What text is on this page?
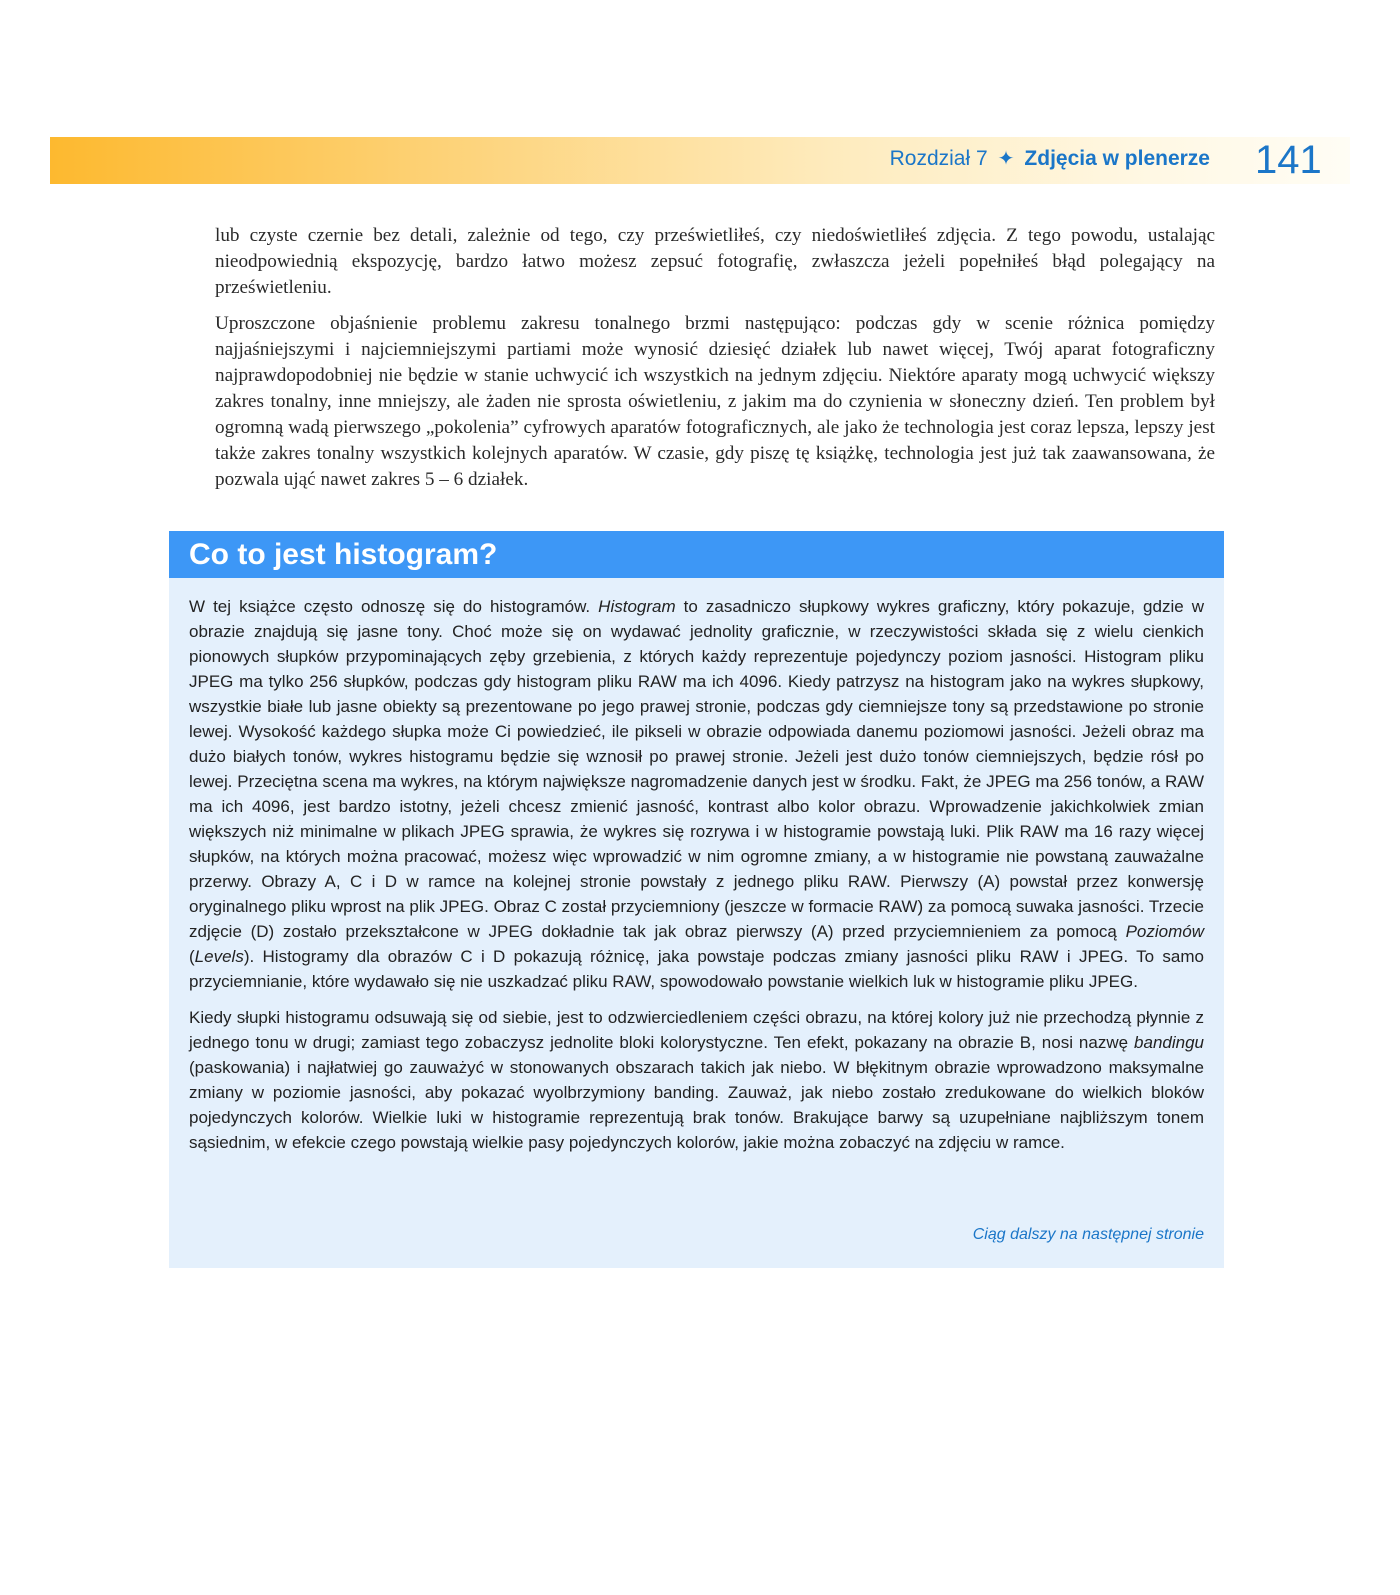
Rozdział 7 ✦ Zdjęcia w plenerze 141

lub czyste czernie bez detali, zależnie od tego, czy prześwietliłeś, czy niedoświetliłeś zdjęcia. Z tego powodu, ustalając nieodpowiednią ekspozycję, bardzo łatwo możesz zepsuć fotografię, zwłaszcza jeżeli popełniłeś błąd polegający na prześwietleniu.

Uproszczone objaśnienie problemu zakresu tonalnego brzmi następująco: podczas gdy w scenie różnica pomiędzy najjaśniejszymi i najciemniejszymi partiami może wynosić dziesięć działek lub nawet więcej, Twój aparat fotograficzny najprawdopodobniej nie będzie w stanie uchwycić ich wszystkich na jednym zdjęciu. Niektóre aparaty mogą uchwycić większy zakres tonalny, inne mniejszy, ale żaden nie sprosta oświetleniu, z jakim ma do czynienia w słoneczny dzień. Ten problem był ogromną wadą pierwszego „pokolenia” cyfrowych aparatów fotograficznych, ale jako że technologia jest coraz lepsza, lepszy jest także zakres tonalny wszystkich kolejnych aparatów. W czasie, gdy piszę tę książkę, technologia jest już tak zaawansowana, że pozwala ująć nawet zakres 5 – 6 działek.

Co to jest histogram?

W tej książce często odnoszę się do histogramów. Histogram to zasadniczo słupkowy wykres graficzny, który pokazuje, gdzie w obrazie znajdują się jasne tony. Choć może się on wydawać jednolity graficznie, w rzeczywistości składa się z wielu cienkich pionowych słupków przypominających zęby grzebienia, z których każdy reprezentuje pojedynczy poziom jasności. Histogram pliku JPEG ma tylko 256 słupków, podczas gdy histogram pliku RAW ma ich 4096. Kiedy patrzysz na histogram jako na wykres słupkowy, wszystkie białe lub jasne obiekty są prezentowane po jego prawej stronie, podczas gdy ciemniejsze tony są przedstawione po stronie lewej. Wysokość każdego słupka może Ci powiedzieć, ile pikseli w obrazie odpowiada danemu poziomowi jasności. Jeżeli obraz ma dużo białych tonów, wykres histogramu będzie się wznosił po prawej stronie. Jeżeli jest dużo tonów ciemniejszych, będzie rósł po lewej. Przeciętna scena ma wykres, na którym największe nagromadzenie danych jest w środku. Fakt, że JPEG ma 256 tonów, a RAW ma ich 4096, jest bardzo istotny, jeżeli chcesz zmienić jasność, kontrast albo kolor obrazu. Wprowadzenie jakichkolwiek zmian większych niż minimalne w plikach JPEG sprawia, że wykres się rozrywa i w histogramie powstają luki. Plik RAW ma 16 razy więcej słupków, na których można pracować, możesz więc wprowadzić w nim ogromne zmiany, a w histogramie nie powstaną zauważalne przerwy. Obrazy A, C i D w ramce na kolejnej stronie powstały z jednego pliku RAW. Pierwszy (A) powstał przez konwersję oryginalnego pliku wprost na plik JPEG. Obraz C został przyciemniony (jeszcze w formacie RAW) za pomocą suwaka jasności. Trzecie zdjęcie (D) zostało przekształcone w JPEG dokładnie tak jak obraz pierwszy (A) przed przyciemnieniem za pomocą Poziomów (Levels). Histogramy dla obrazów C i D pokazują różnicę, jaka powstaje podczas zmiany jasności pliku RAW i JPEG. To samo przyciemnianie, które wydawało się nie uszkadzać pliku RAW, spowodowało powstanie wielkich luk w histogramie pliku JPEG.

Kiedy słupki histogramu odsuwają się od siebie, jest to odzwierciedleniem części obrazu, na której kolory już nie przechodzą płynnie z jednego tonu w drugi; zamiast tego zobaczysz jednolite bloki kolorystyczne. Ten efekt, pokazany na obrazie B, nosi nazwę bandingu (paskowania) i najłatwiej go zauważyć w stonowanych obszarach takich jak niebo. W błękitnym obrazie wprowadzono maksymalne zmiany w poziomie jasności, aby pokazać wyolbrzymiony banding. Zauważ, jak niebo zostało zredukowane do wielkich bloków pojedynczych kolorów. Wielkie luki w histogramie reprezentują brak tonów. Brakujące barwy są uzupełniane najbliższym tonem sąsiednim, w efekcie czego powstają wielkie pasy pojedynczych kolorów, jakie można zobaczyć na zdjęciu w ramce.

Ciąg dalszy na następnej stronie
